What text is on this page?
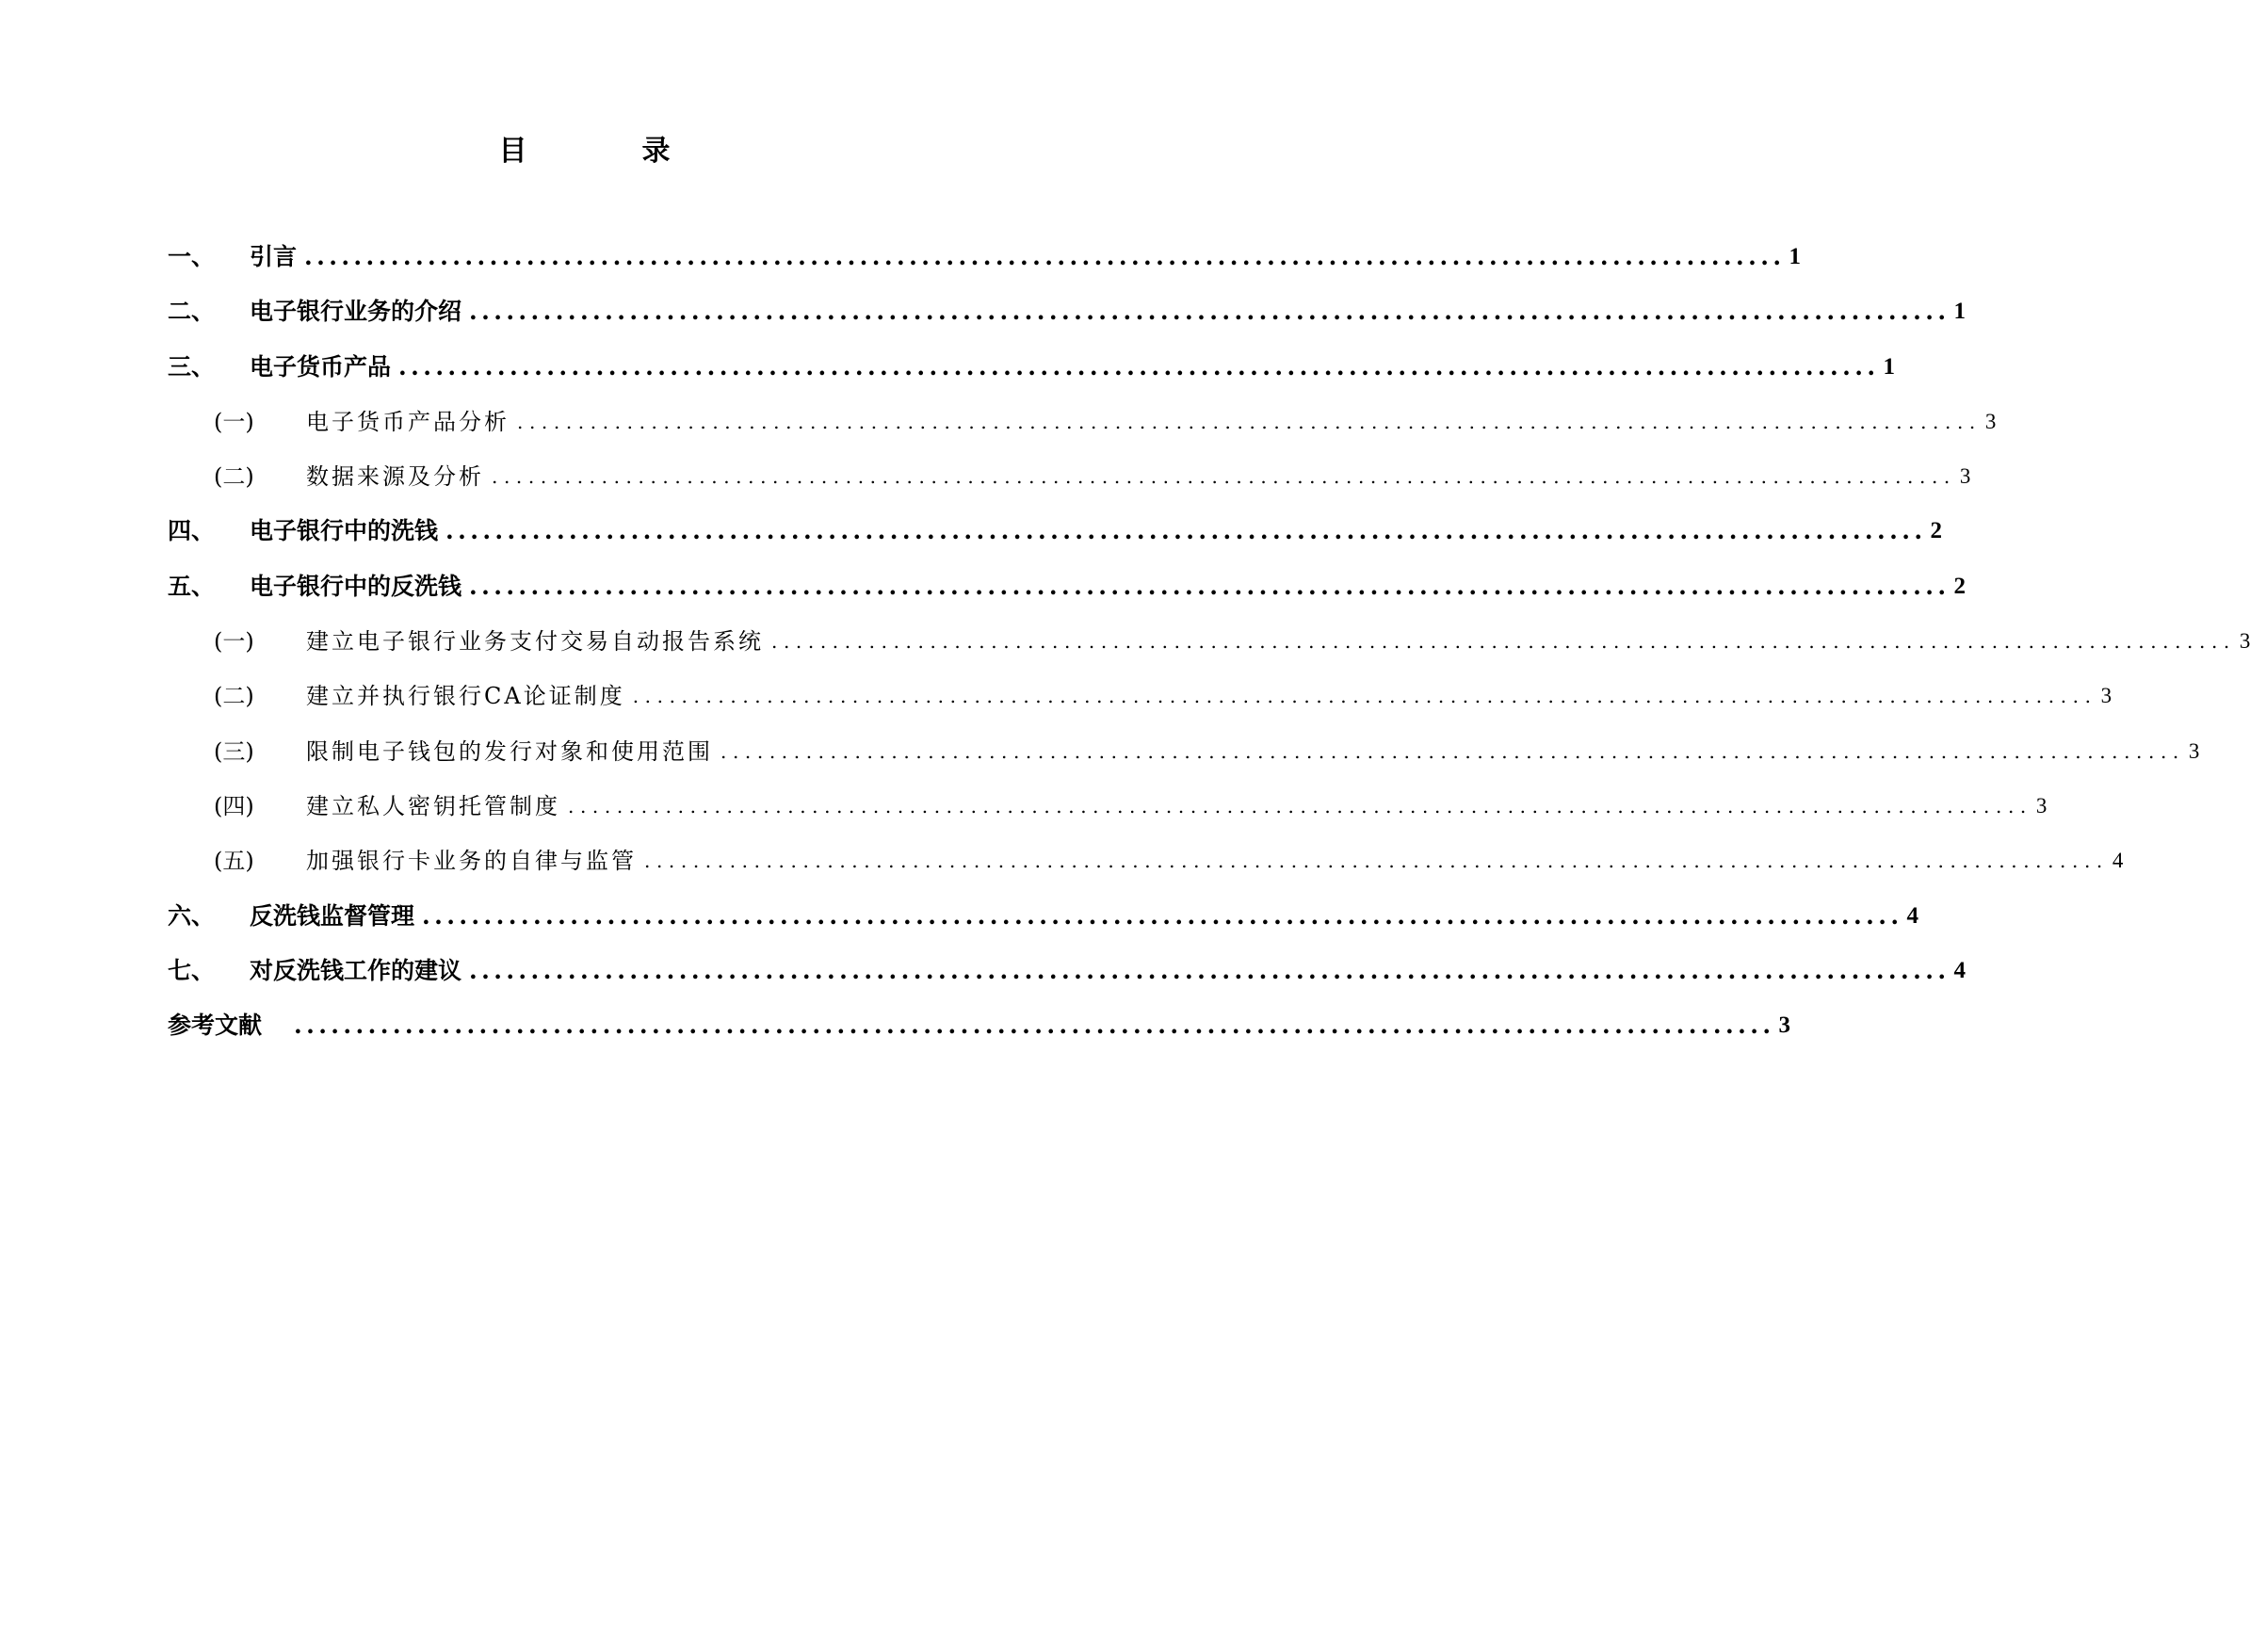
目　录
一、	引言 ........................................................................................................................ 1
二、	电子银行业务的介绍 ........................................................................................................................ 1
三、	电子货币产品 ........................................................................................................................ 1
(一)	电子货币产品分析 ........................................................................................................................ 3
(二)	数据来源及分析 ........................................................................................................................ 3
四、	电子银行中的洗钱 ........................................................................................................................ 2
五、	电子银行中的反洗钱 ........................................................................................................................ 2
(一)	建立电子银行业务支付交易自动报告系统 ........................................................................................................................ 3
(二)	建立并执行银行CA论证制度 ........................................................................................................................ 3
(三)	限制电子钱包的发行对象和使用范围 ........................................................................................................................ 3
(四)	建立私人密钥托管制度 ........................................................................................................................ 3
(五)	加强银行卡业务的自律与监管 ........................................................................................................................ 4
六、	反洗钱监督管理 ........................................................................................................................ 4
七、	对反洗钱工作的建议 ........................................................................................................................ 4
参考文献	........................................................................................................................ 3
